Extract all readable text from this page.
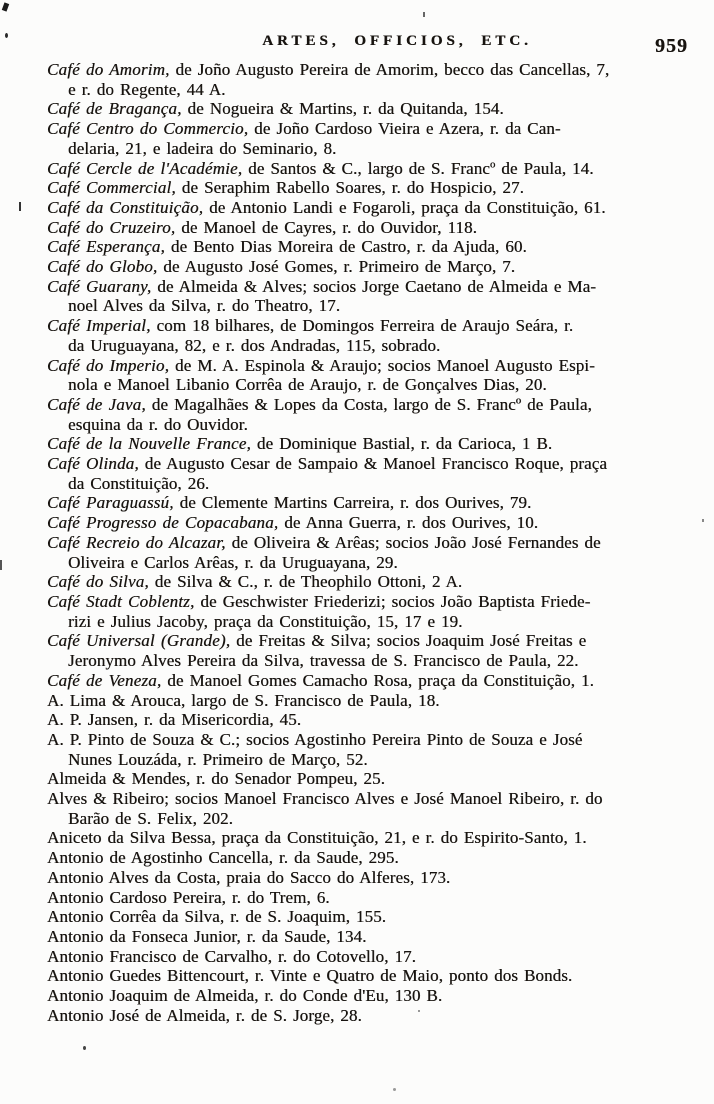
ARTES, OFFICIOS, ETC.	959
Café do Amorim, de Joño Augusto Pereira de Amorim, becco das Cancellas, 7,
e r. do Regente, 44 A.
Café de Bragança, de Nogueira & Martins, r. da Quitanda, 154.
Café Centro do Commercio, de Joño Cardoso Vieira e Azera, r. da Can-
delaria, 21, e ladeira do Seminario, 8.
Café Cercle de l'Académie, de Santos & C., largo de S. Francº de Paula, 14.
Café Commercial, de Seraphim Rabello Soares, r. do Hospicio, 27.
Café da Constituição, de Antonio Landi e Fogaroli, praça da Constituição, 61.
Café do Cruzeiro, de Manoel de Cayres, r. do Ouvidor, 118.
Café Esperança, de Bento Dias Moreira de Castro, r. da Ajuda, 60.
Café do Globo, de Augusto José Gomes, r. Primeiro de Março, 7.
Café Guarany, de Almeida & Alves; socios Jorge Caetano de Almeida e Ma-
noel Alves da Silva, r. do Theatro, 17.
Café Imperial, com 18 bilhares, de Domingos Ferreira de Araujo Seára, r.
da Uruguayana, 82, e r. dos Andradas, 115, sobrado.
Café do Imperio, de M. A. Espinola & Araujo; socios Manoel Augusto Espi-
nola e Manoel Libanio Corrêa de Araujo, r. de Gonçalves Dias, 20.
Café de Java, de Magalhães & Lopes da Costa, largo de S. Francº de Paula,
esquina da r. do Ouvidor.
Café de la Nouvelle France, de Dominique Bastial, r. da Carioca, 1 B.
Café Olinda, de Augusto Cesar de Sampaio & Manoel Francisco Roque, praça
da Constituição, 26.
Café Paraguassú, de Clemente Martins Carreira, r. dos Ourives, 79.
Café Progresso de Copacabana, de Anna Guerra, r. dos Ourives, 10.
Café Recreio do Alcazar, de Oliveira & Arêas; socios João José Fernandes de
Oliveira e Carlos Arêas, r. da Uruguayana, 29.
Café do Silva, de Silva & C., r. de Theophilo Ottoni, 2 A.
Café Stadt Coblentz, de Geschwister Friederizi; socios João Baptista Friede-
rizi e Julius Jacoby, praça da Constituição, 15, 17 e 19.
Café Universal (Grande), de Freitas & Silva; socios Joaquim José Freitas e
Jeronymo Alves Pereira da Silva, travessa de S. Francisco de Paula, 22.
Café de Veneza, de Manoel Gomes Camacho Rosa, praça da Constituição, 1.
A. Lima & Arouca, largo de S. Francisco de Paula, 18.
A. P. Jansen, r. da Misericordia, 45.
A. P. Pinto de Souza & C.; socios Agostinho Pereira Pinto de Souza e José
Nunes Louzáda, r. Primeiro de Março, 52.
Almeida & Mendes, r. do Senador Pompeu, 25.
Alves & Ribeiro; socios Manoel Francisco Alves e José Manoel Ribeiro, r. do
Barão de S. Felix, 202.
Aniceto da Silva Bessa, praça da Constituição, 21, e r. do Espirito-Santo, 1.
Antonio de Agostinho Cancella, r. da Saude, 295.
Antonio Alves da Costa, praia do Sacco do Alferes, 173.
Antonio Cardoso Pereira, r. do Trem, 6.
Antonio Corrêa da Silva, r. de S. Joaquim, 155.
Antonio da Fonseca Junior, r. da Saude, 134.
Antonio Francisco de Carvalho, r. do Cotovello, 17.
Antonio Guedes Bittencourt, r. Vinte e Quatro de Maio, ponto dos Bonds.
Antonio Joaquim de Almeida, r. do Conde d'Eu, 130 B.
Antonio José de Almeida, r. de S. Jorge, 28.
